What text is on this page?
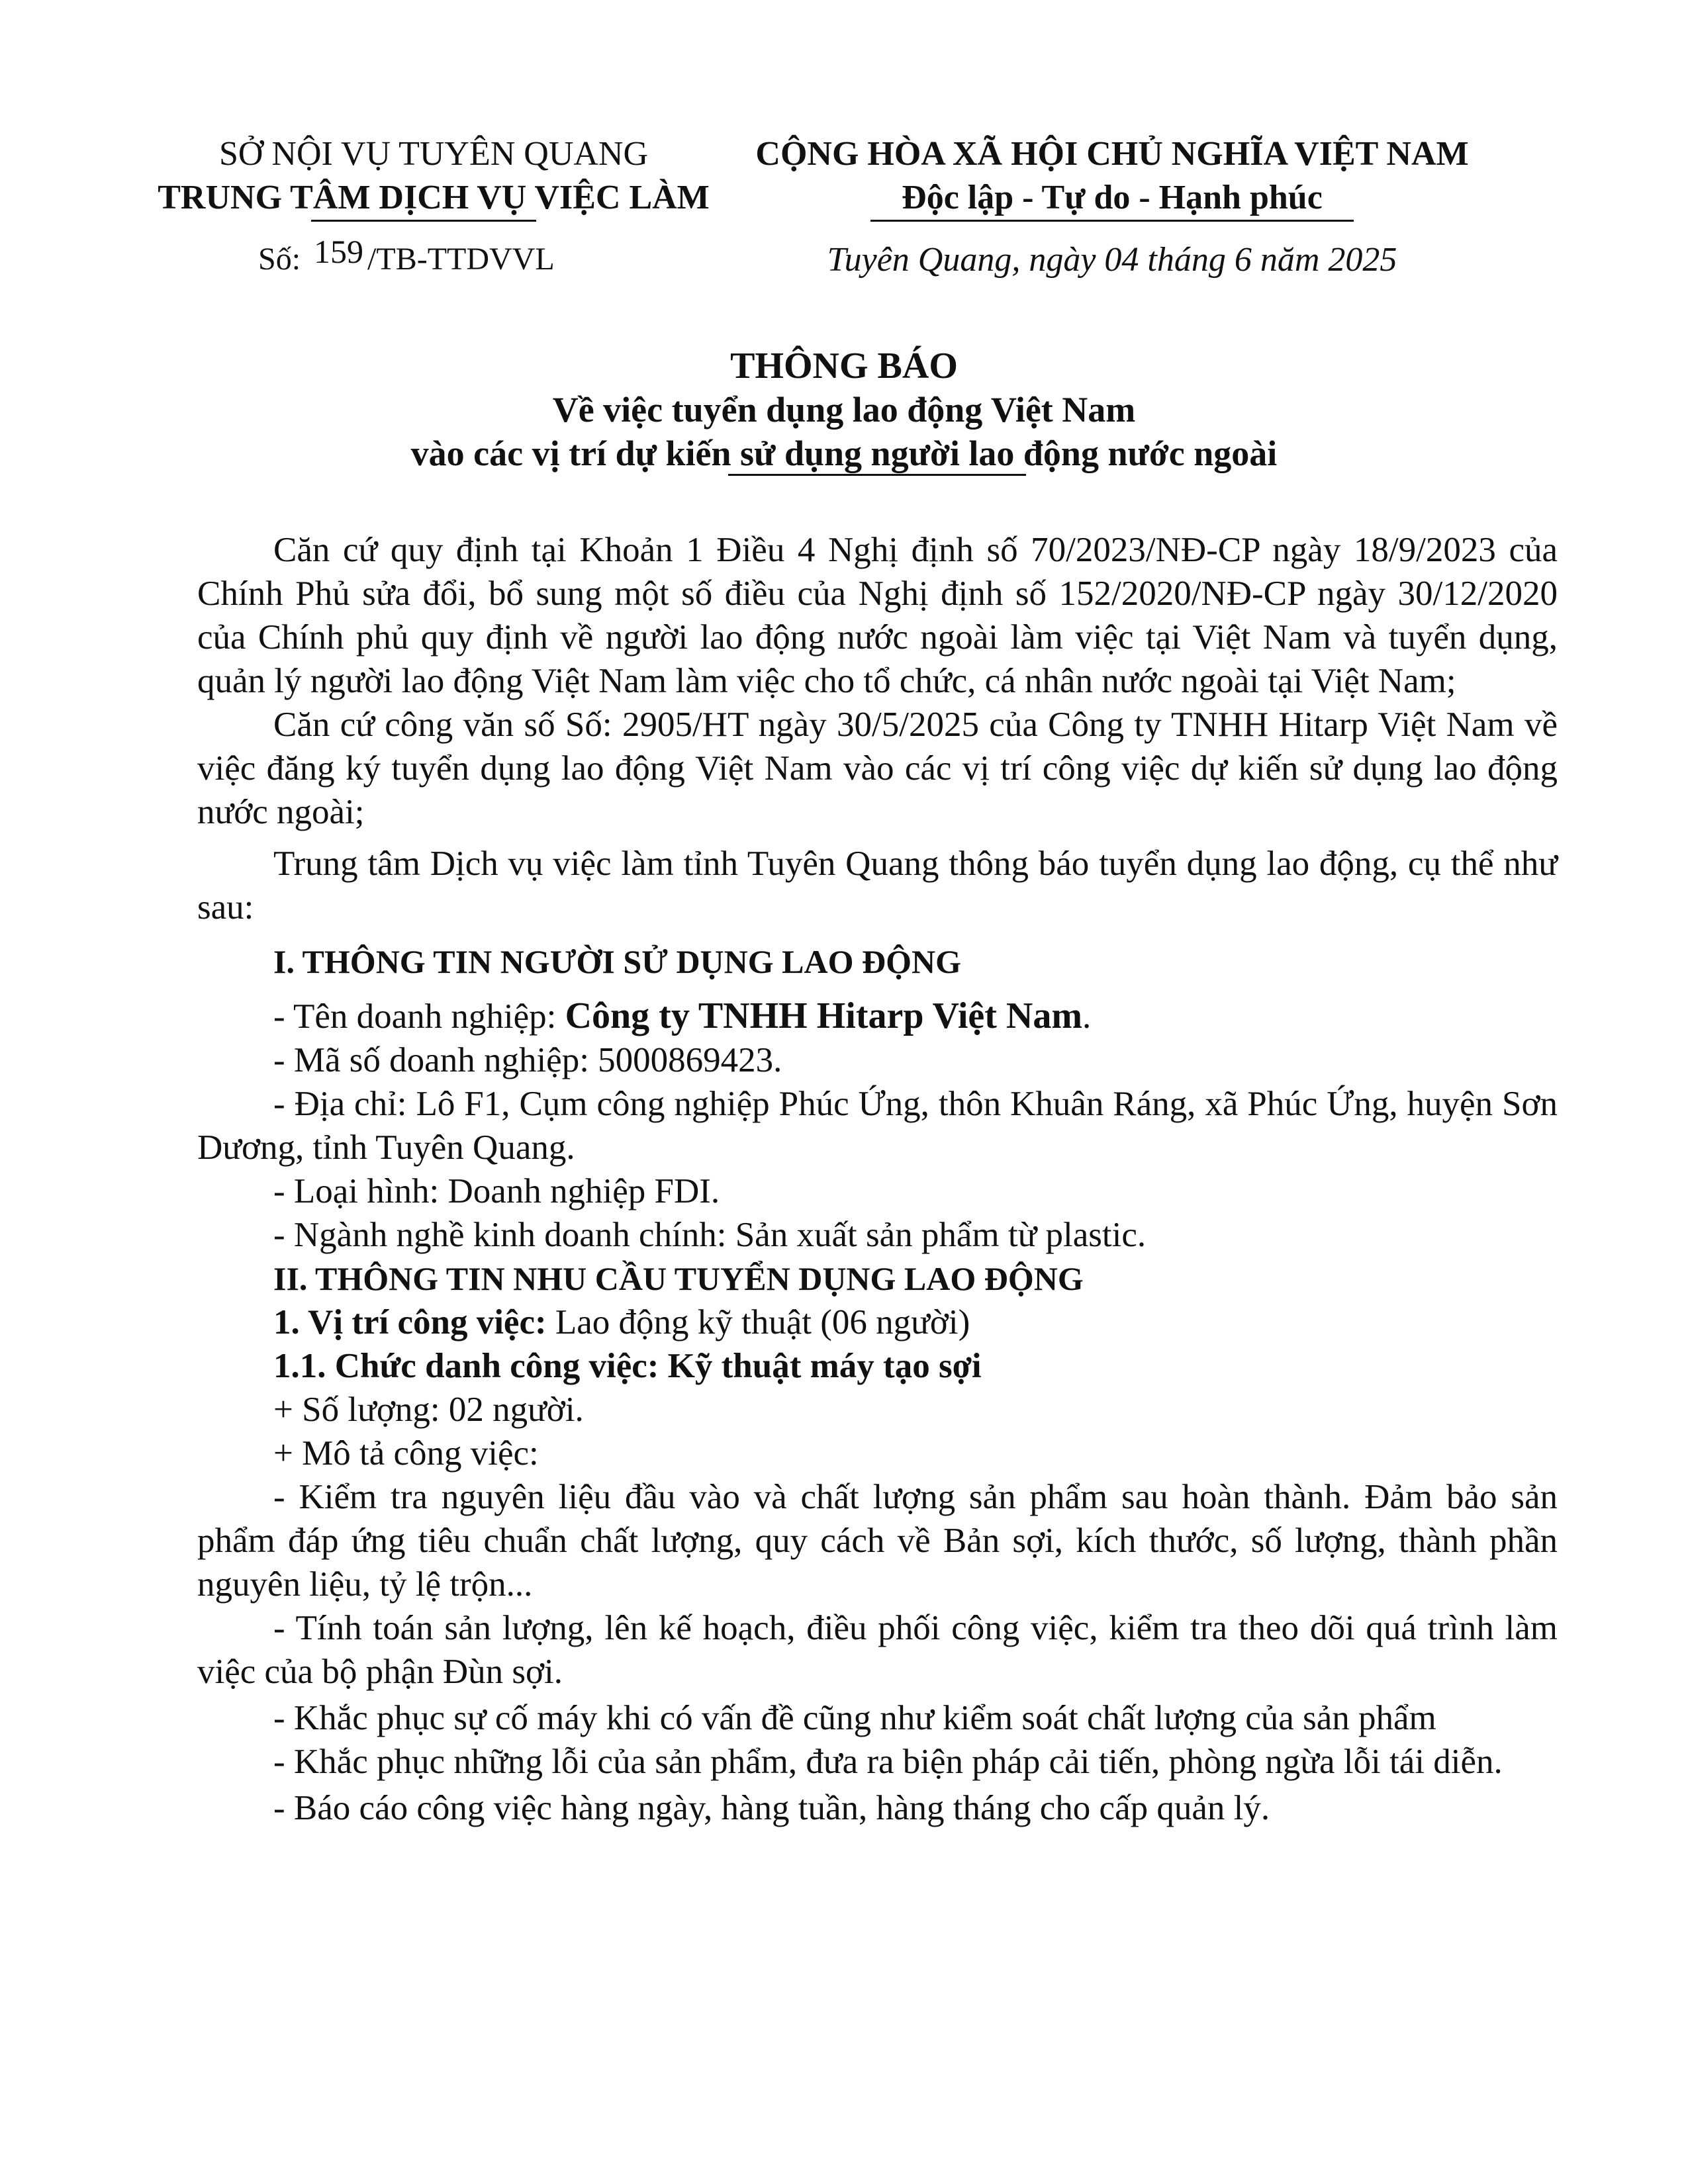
SỞ NỘI VỤ TUYÊN QUANG
TRUNG TÂM DỊCH VỤ VIỆC LÀM
CỘNG HÒA XÃ HỘI CHỦ NGHĨA VIỆT NAM
Độc lập - Tự do - Hạnh phúc
Số: 159 /TB-TTDVVL	Tuyên Quang, ngày 04 tháng 6 năm 2025
THÔNG BÁO
Về việc tuyển dụng lao động Việt Nam
vào các vị trí dự kiến sử dụng người lao động nước ngoài

Căn cứ quy định tại Khoản 1 Điều 4 Nghị định số 70/2023/NĐ-CP ngày 18/9/2023 của Chính Phủ sửa đổi, bổ sung một số điều của Nghị định số 152/2020/NĐ-CP ngày 30/12/2020 của Chính phủ quy định về người lao động nước ngoài làm việc tại Việt Nam và tuyển dụng, quản lý người lao động Việt Nam làm việc cho tổ chức, cá nhân nước ngoài tại Việt Nam;

Căn cứ công văn số Số: 2905/HT ngày 30/5/2025 của Công ty TNHH Hitarp Việt Nam về việc đăng ký tuyển dụng lao động Việt Nam vào các vị trí công việc dự kiến sử dụng lao động nước ngoài;

Trung tâm Dịch vụ việc làm tỉnh Tuyên Quang thông báo tuyển dụng lao động, cụ thể như sau:

I. THÔNG TIN NGƯỜI SỬ DỤNG LAO ĐỘNG

- Tên doanh nghiệp: Công ty TNHH Hitarp Việt Nam.

- Mã số doanh nghiệp: 5000869423.

- Địa chỉ: Lô F1, Cụm công nghiệp Phúc Ứng, thôn Khuân Ráng, xã Phúc Ứng, huyện Sơn Dương, tỉnh Tuyên Quang.

- Loại hình: Doanh nghiệp FDI.

- Ngành nghề kinh doanh chính: Sản xuất sản phẩm từ plastic.

II. THÔNG TIN NHU CẦU TUYỂN DỤNG LAO ĐỘNG

1. Vị trí công việc: Lao động kỹ thuật (06 người)

1.1. Chức danh công việc: Kỹ thuật máy tạo sợi

+ Số lượng: 02 người.

+ Mô tả công việc:

- Kiểm tra nguyên liệu đầu vào và chất lượng sản phẩm sau hoàn thành. Đảm bảo sản phẩm đáp ứng tiêu chuẩn chất lượng, quy cách về Bản sợi, kích thước, số lượng, thành phần nguyên liệu, tỷ lệ trộn...

- Tính toán sản lượng, lên kế hoạch, điều phối công việc, kiểm tra theo dõi quá trình làm việc của bộ phận Đùn sợi.

- Khắc phục sự cố máy khi có vấn đề cũng như kiểm soát chất lượng của sản phẩm

- Khắc phục những lỗi của sản phẩm, đưa ra biện pháp cải tiến, phòng ngừa lỗi tái diễn.

- Báo cáo công việc hàng ngày, hàng tuần, hàng tháng cho cấp quản lý.
